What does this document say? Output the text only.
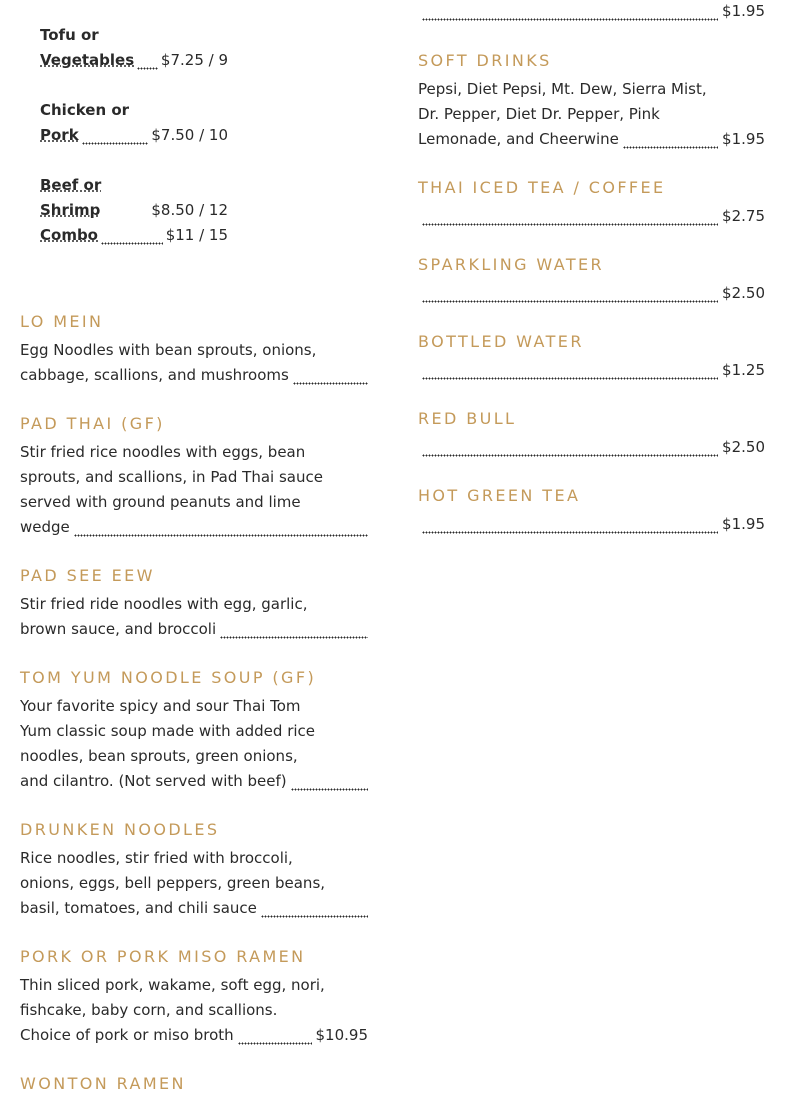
Tofu or
Vegetables $7.25 / 9
Chicken or
Pork	$7.50 / 10
Beef or Shrimp	$8.50 / 12
Combo	$11 / 15
LO MEIN
Egg Noodles with bean sprouts, onions,
cabbage, scallions, and mushrooms
PAD THAI (GF)
Stir fried rice noodles with eggs, bean
sprouts, and scallions, in Pad Thai sauce
served with ground peanuts and lime
wedge
PAD SEE EEW
Stir fried ride noodles with egg, garlic,
brown sauce, and broccoli
TOM YUM NOODLE SOUP (GF)
Your favorite spicy and sour Thai Tom
Yum classic soup made with added rice
noodles, bean sprouts, green onions,
and cilantro. (Not served with beef)
DRUNKEN NOODLES
Rice noodles, stir fried with broccoli,
onions, eggs, bell peppers, green beans,
basil, tomatoes, and chili sauce
PORK OR PORK MISO RAMEN
Thin sliced pork, wakame, soft egg, nori,
fishcake, baby corn, and scallions.
Choice of pork or miso broth	$10.95
WONTON RAMEN
$1.95
SOFT DRINKS
Pepsi, Diet Pepsi, Mt. Dew, Sierra Mist,
Dr. Pepper, Diet Dr. Pepper, Pink
Lemonade, and Cheerwine	$1.95
THAI ICED TEA / COFFEE
$2.75
SPARKLING WATER
$2.50
BOTTLED WATER
$1.25
RED BULL
$2.50
HOT GREEN TEA
$1.95
